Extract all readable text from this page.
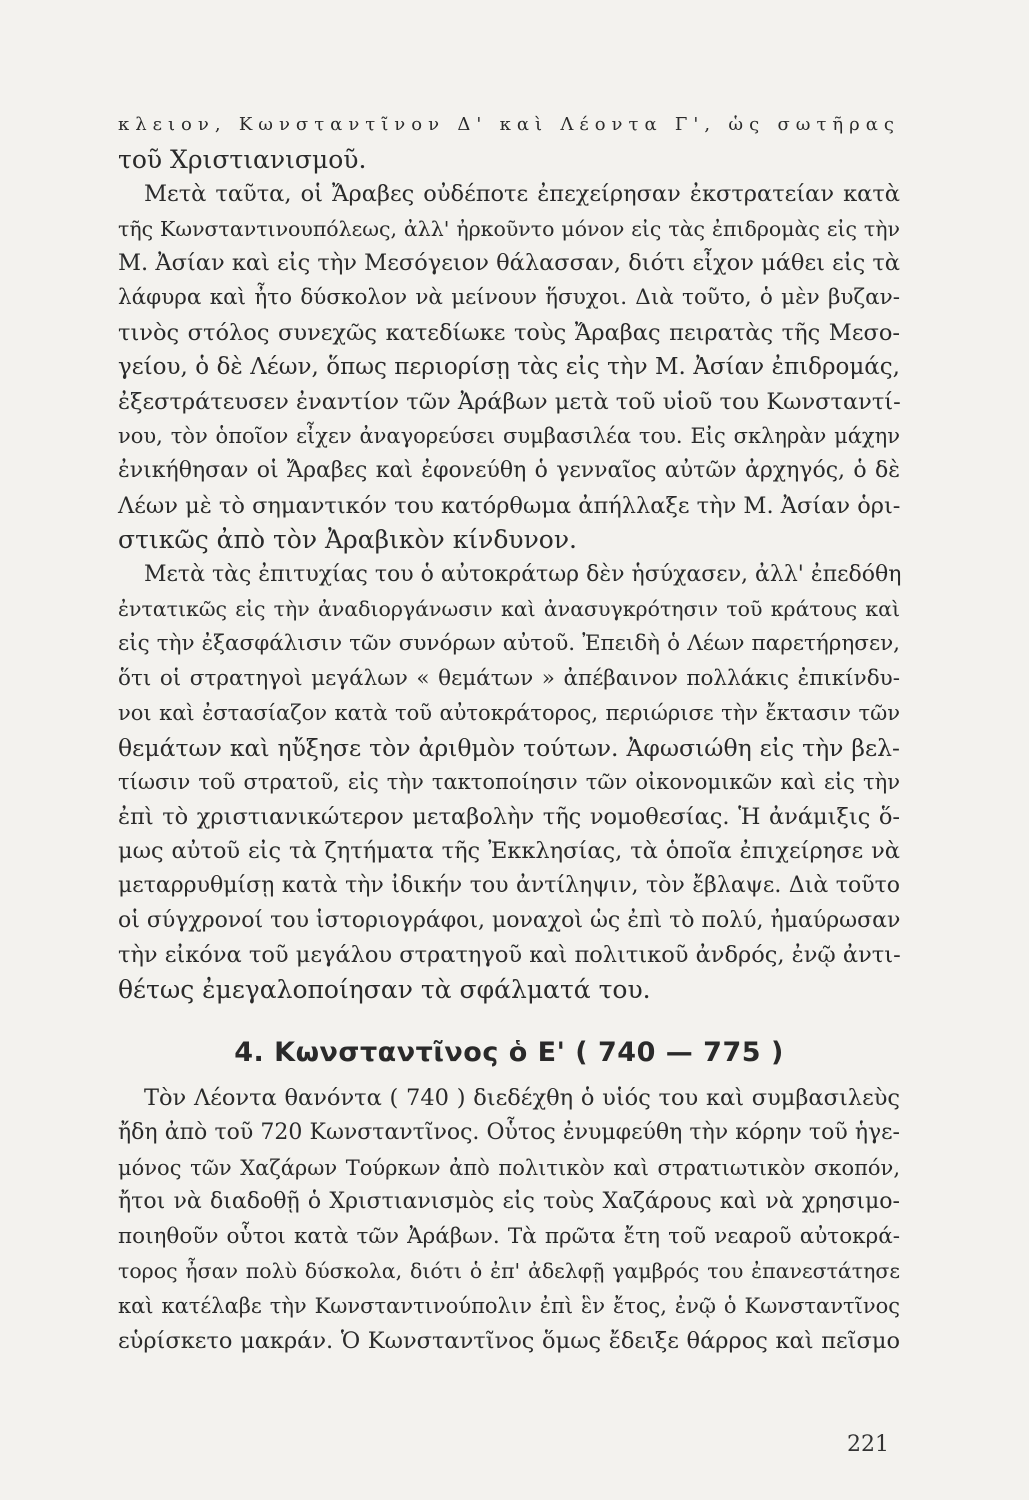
κλειον, Κωνσταντῖνον Δ' καὶ Λέοντα Γ', ὡς σωτῆρας
τοῦ Χριστιανισμοῦ.
Μετὰ ταῦτα, οἱ Ἄραβες οὐδέποτε ἐπεχείρησαν ἐκστρατείαν κατὰ
τῆς Κωνσταντινουπόλεως, ἀλλ' ἠρκοῦντο μόνον εἰς τὰς ἐπιδρομὰς εἰς τὴν
Μ. Ἀσίαν καὶ εἰς τὴν Μεσόγειον θάλασσαν, διότι εἶχον μάθει εἰς τὰ
λάφυρα καὶ ἦτο δύσκολον νὰ μείνουν ἥσυχοι. Διὰ τοῦτο, ὁ μὲν βυζαν-
τινὸς στόλος συνεχῶς κατεδίωκε τοὺς Ἄραβας πειρατὰς τῆς Μεσο-
γείου, ὁ δὲ Λέων, ὅπως περιορίσῃ τὰς εἰς τὴν Μ. Ἀσίαν ἐπιδρομάς,
ἐξεστράτευσεν ἐναντίον τῶν Ἀράβων μετὰ τοῦ υἱοῦ του Κωνσταντί-
νου, τὸν ὁποῖον εἶχεν ἀναγορεύσει συμβασιλέα του. Εἰς σκληρὰν μάχην
ἐνικήθησαν οἱ Ἄραβες καὶ ἐφονεύθη ὁ γενναῖος αὐτῶν ἀρχηγός, ὁ δὲ
Λέων μὲ τὸ σημαντικόν του κατόρθωμα ἀπήλλαξε τὴν Μ. Ἀσίαν ὁρι-
στικῶς ἀπὸ τὸν Ἀραβικὸν κίνδυνον.
Μετὰ τὰς ἐπιτυχίας του ὁ αὐτοκράτωρ δὲν ἡσύχασεν, ἀλλ' ἐπεδόθη
ἐντατικῶς εἰς τὴν ἀναδιοργάνωσιν καὶ ἀνασυγκρότησιν τοῦ κράτους καὶ
εἰς τὴν ἐξασφάλισιν τῶν συνόρων αὐτοῦ. Ἐπειδὴ ὁ Λέων παρετήρησεν,
ὅτι οἱ στρατηγοὶ μεγάλων « θεμάτων » ἀπέβαινον πολλάκις ἐπικίνδυ-
νοι καὶ ἐστασίαζον κατὰ τοῦ αὐτοκράτορος, περιώρισε τὴν ἔκτασιν τῶν
θεμάτων καὶ ηὔξησε τὸν ἀριθμὸν τούτων. Ἀφωσιώθη εἰς τὴν βελ-
τίωσιν τοῦ στρατοῦ, εἰς τὴν τακτοποίησιν τῶν οἰκονομικῶν καὶ εἰς τὴν
ἐπὶ τὸ χριστιανικώτερον μεταβολὴν τῆς νομοθεσίας. Ἡ ἀνάμιξις ὅ-
μως αὐτοῦ εἰς τὰ ζητήματα τῆς Ἐκκλησίας, τὰ ὁποῖα ἐπιχείρησε νὰ
μεταρρυθμίσῃ κατὰ τὴν ἰδικήν του ἀντίληψιν, τὸν ἔβλαψε. Διὰ τοῦτο
οἱ σύγχρονοί του ἱστοριογράφοι, μοναχοὶ ὡς ἐπὶ τὸ πολύ, ἠμαύρωσαν
τὴν εἰκόνα τοῦ μεγάλου στρατηγοῦ καὶ πολιτικοῦ ἀνδρός, ἐνῷ ἀντι-
θέτως ἐμεγαλοποίησαν τὰ σφάλματά του.
4. Κωνσταντῖνος ὁ Ε' ( 740 — 775 )
Τὸν Λέοντα θανόντα ( 740 ) διεδέχθη ὁ υἱός του καὶ συμβασιλεὺς
ἤδη ἀπὸ τοῦ 720 Κωνσταντῖνος. Οὗτος ἐνυμφεύθη τὴν κόρην τοῦ ἡγε-
μόνος τῶν Χαζάρων Τούρκων ἀπὸ πολιτικὸν καὶ στρατιωτικὸν σκοπόν,
ἤτοι νὰ διαδοθῇ ὁ Χριστιανισμὸς εἰς τοὺς Χαζάρους καὶ νὰ χρησιμο-
ποιηθοῦν οὗτοι κατὰ τῶν Ἀράβων. Τὰ πρῶτα ἔτη τοῦ νεαροῦ αὐτοκρά-
τορος ἦσαν πολὺ δύσκολα, διότι ὁ ἐπ' ἀδελφῇ γαμβρός του ἐπανεστάτησε
καὶ κατέλαβε τὴν Κωνσταντινούπολιν ἐπὶ ἓν ἔτος, ἐνῷ ὁ Κωνσταντῖνος
εὑρίσκετο μακράν. Ὁ Κωνσταντῖνος ὅμως ἔδειξε θάρρος καὶ πεῖσμο
221
